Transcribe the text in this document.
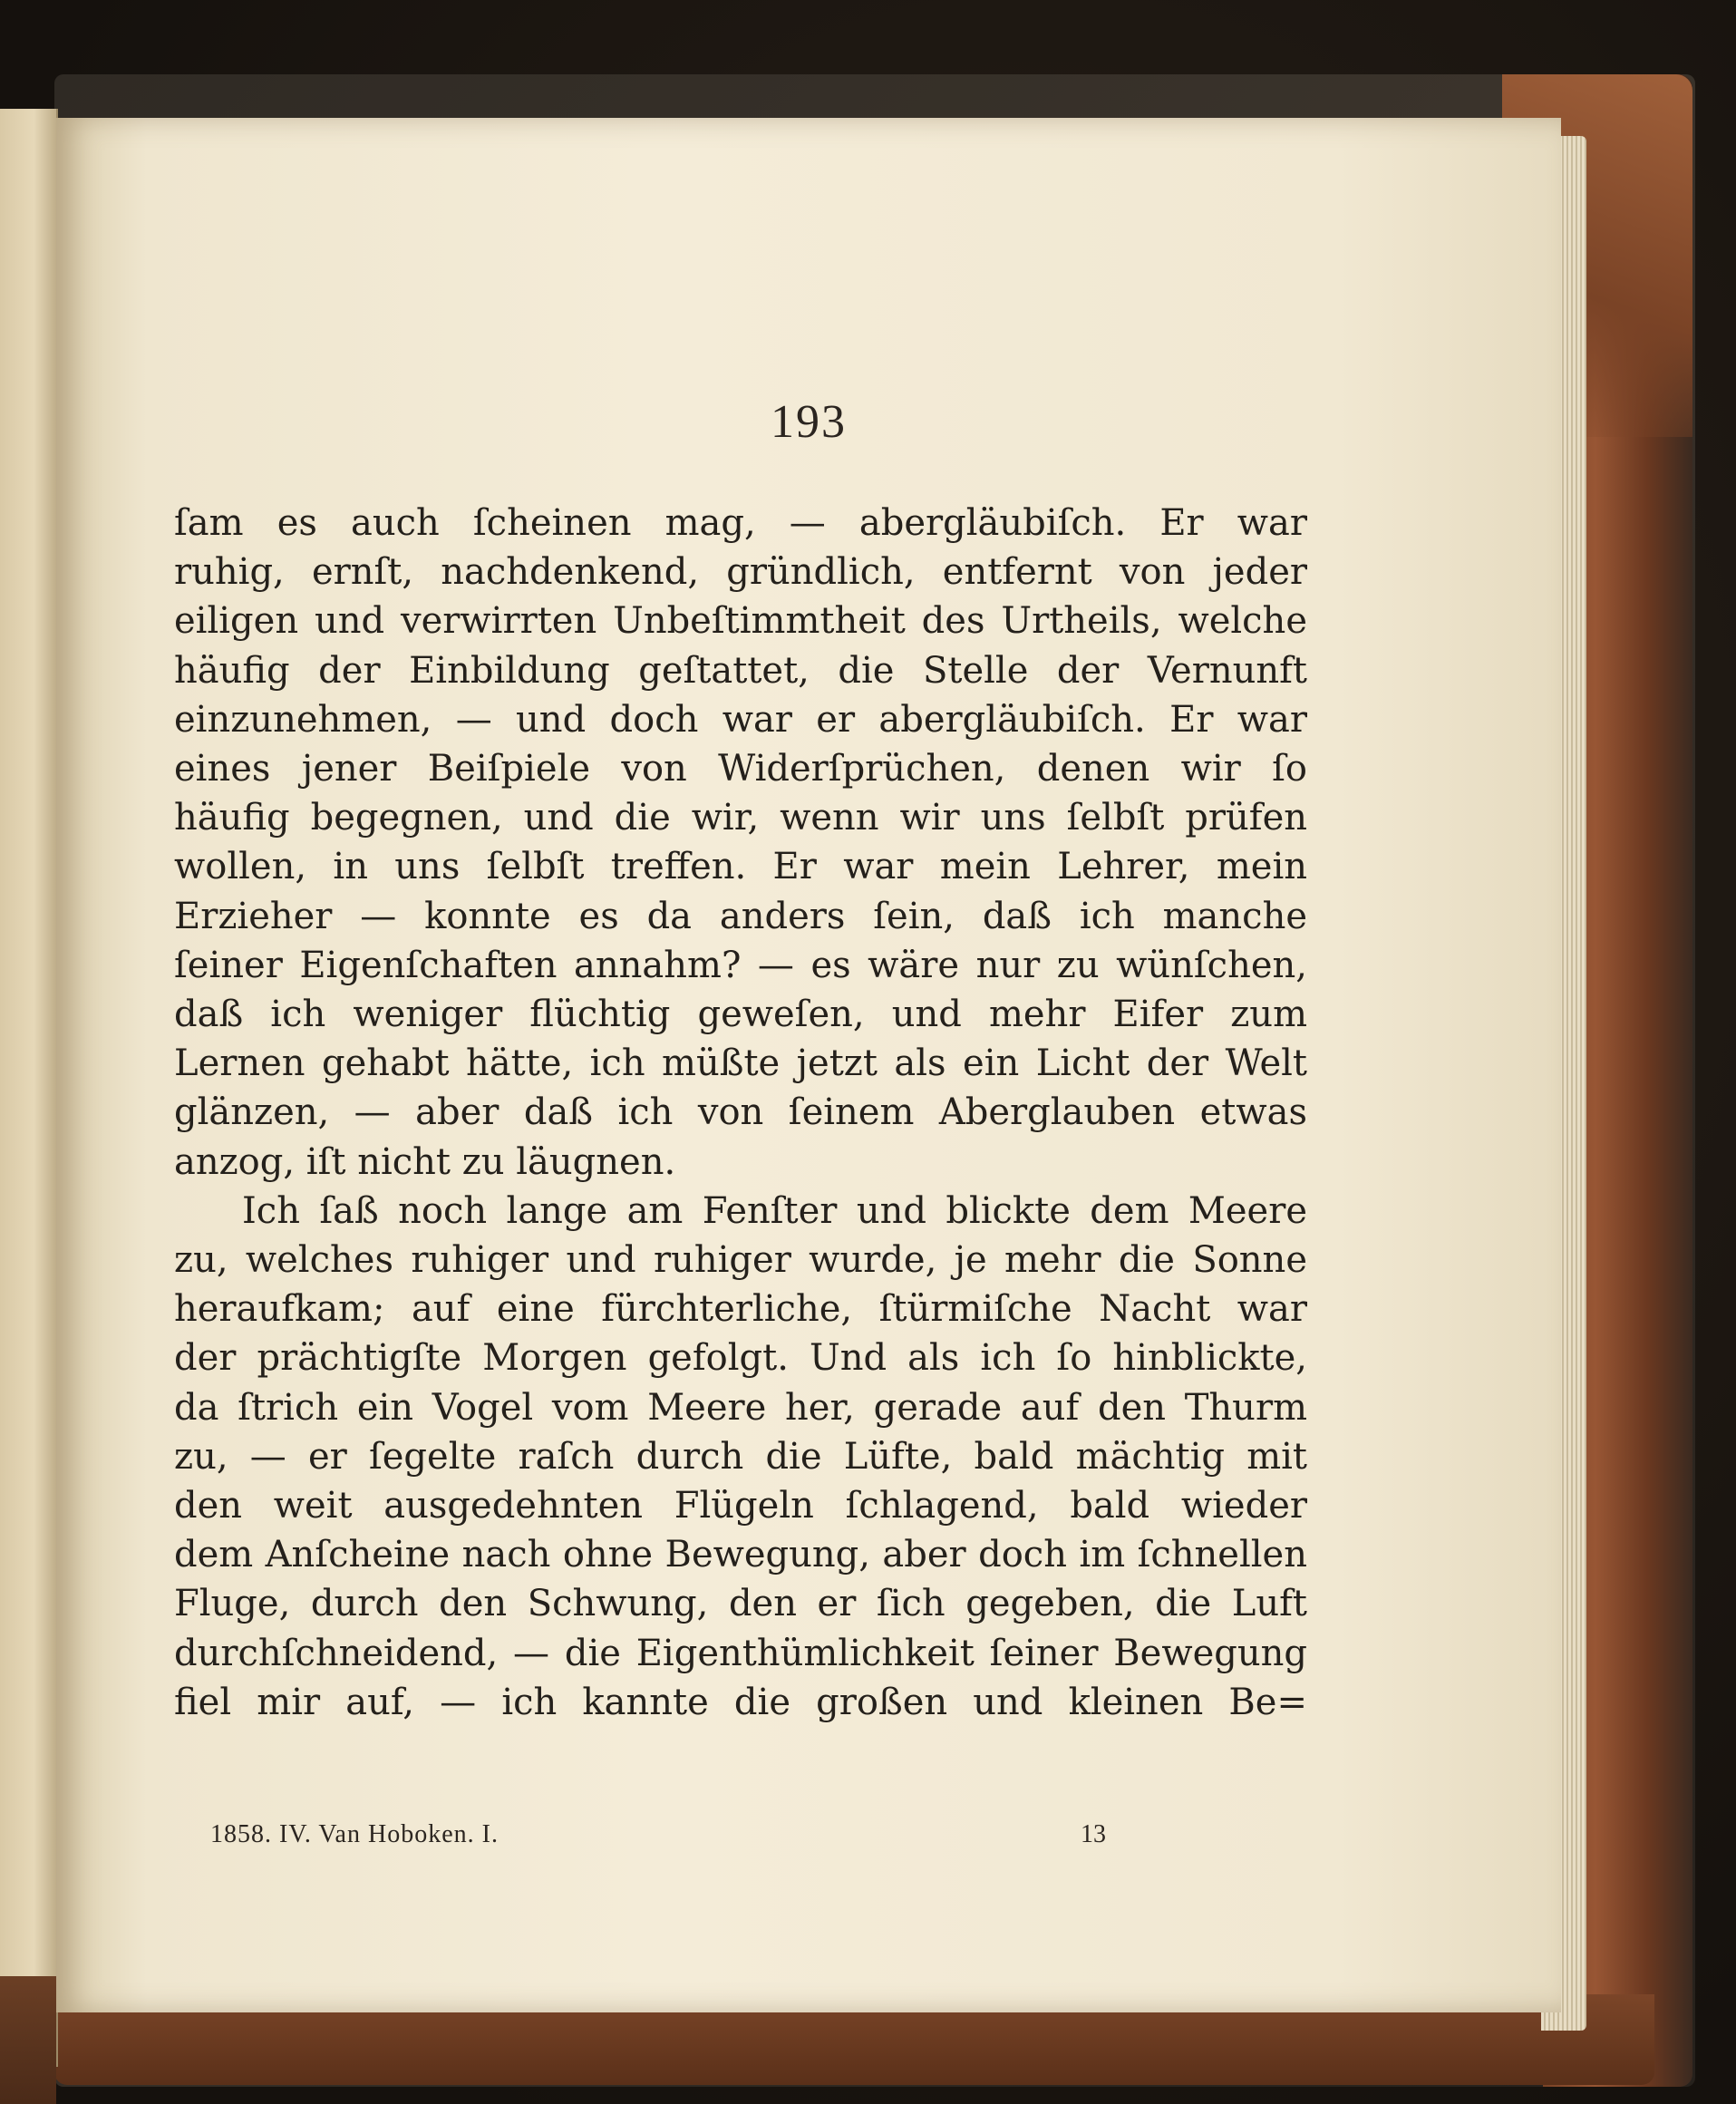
193
ſam es auch ſcheinen mag, — abergläubiſch. Er war
ruhig, ernſt, nachdenkend, gründlich, entfernt von jeder
eiligen und verwirrten Unbeſtimmtheit des Urtheils, welche
häufig der Einbildung geſtattet, die Stelle der Vernunft
einzunehmen, — und doch war er abergläubiſch. Er war
eines jener Beiſpiele von Widerſprüchen, denen wir ſo
häufig begegnen, und die wir, wenn wir uns ſelbſt prüfen
wollen, in uns ſelbſt treffen. Er war mein Lehrer, mein
Erzieher — konnte es da anders ſein, daß ich manche
ſeiner Eigenſchaften annahm? — es wäre nur zu wünſchen,
daß ich weniger flüchtig geweſen, und mehr Eifer zum
Lernen gehabt hätte, ich müßte jetzt als ein Licht der Welt
glänzen, — aber daß ich von ſeinem Aberglauben etwas
anzog, iſt nicht zu läugnen.
Ich ſaß noch lange am Fenſter und blickte dem Meere
zu, welches ruhiger und ruhiger wurde, je mehr die Sonne
heraufkam; auf eine fürchterliche, ſtürmiſche Nacht war
der prächtigſte Morgen gefolgt. Und als ich ſo hinblickte,
da ſtrich ein Vogel vom Meere her, gerade auf den Thurm
zu, — er ſegelte raſch durch die Lüfte, bald mächtig mit
den weit ausgedehnten Flügeln ſchlagend, bald wieder
dem Anſcheine nach ohne Bewegung, aber doch im ſchnellen
Fluge, durch den Schwung, den er ſich gegeben, die Luft
durchſchneidend, — die Eigenthümlichkeit ſeiner Bewegung
fiel mir auf, — ich kannte die großen und kleinen Be=
1858. IV. Van Hoboken. I.	13
